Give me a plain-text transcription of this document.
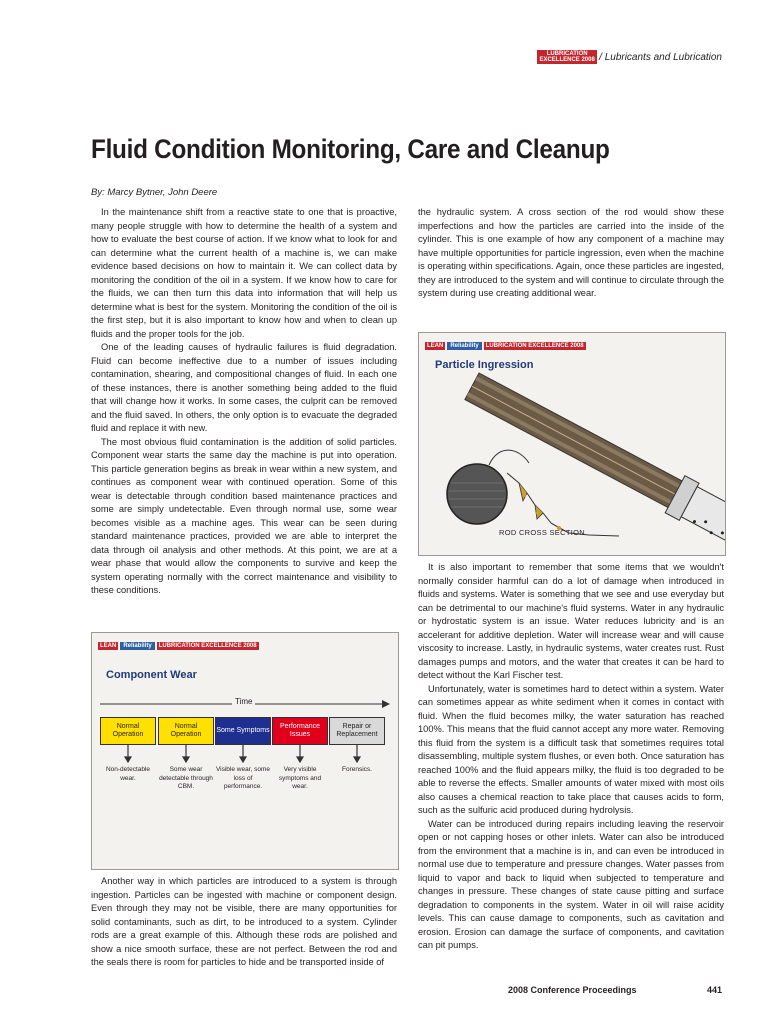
LUBRICATION EXCELLENCE 2008 / Lubricants and Lubrication
Fluid Condition Monitoring, Care and Cleanup
By: Marcy Bytner, John Deere

In the maintenance shift from a reactive state to one that is proactive, many people struggle with how to determine the health of a system and how to evaluate the best course of action. If we know what to look for and can determine what the current health of a machine is, we can make evidence based decisions on how to maintain it. We can collect data by monitoring the condition of the oil in a system. If we know how to care for the fluids, we can then turn this data into information that will help us determine what is best for the system. Monitoring the condition of the oil is the first step, but it is also important to know how and when to clean up fluids and the proper tools for the job.

One of the leading causes of hydraulic failures is fluid degradation. Fluid can become ineffective due to a number of issues including contamination, shearing, and compositional changes of fluid. In each one of these instances, there is another something being added to the fluid that will change how it works. In some cases, the culprit can be removed and the fluid saved. In others, the only option is to evacuate the degraded fluid and replace it with new.

The most obvious fluid contamination is the addition of solid particles. Component wear starts the same day the machine is put into operation. This particle generation begins as break in wear within a new system, and continues as component wear with continued operation. Some of this wear is detectable through condition based maintenance practices and some are simply undetectable. Even through normal use, some wear becomes visible as a machine ages. This wear can be seen during standard maintenance practices, provided we are able to interpret the data through oil analysis and other methods. At this point, we are at a wear phase that would allow the components to survive and keep the system operating normally with the correct maintenance and visibility to these conditions.

LEAN	Reliability	LUBRICATION EXCELLENCE 2008
Component Wear
Time
Normal Operation
Normal Operation
Some Symptoms
Performance Issues
Repair or Replacement
Non-detectable wear.
Some wear detectable through CBM.
Visible wear, some loss of performance.
Very visible symptoms and wear.
Forensics.

Another way in which particles are introduced to a system is through ingestion. Particles can be ingested with machine or component design. Even through they may not be visible, there are many opportunities for solid contaminants, such as dirt, to be introduced to a system. Cylinder rods are a great example of this. Although these rods are polished and show a nice smooth surface, these are not perfect. Between the rod and the seals there is room for particles to hide and be transported inside of

the hydraulic system. A cross section of the rod would show these imperfections and how the particles are carried into the inside of the cylinder. This is one example of how any component of a machine may have multiple opportunities for particle ingression, even when the machine is operating within specifications. Again, once these particles are ingested, they are introduced to the system and will continue to circulate through the system during use creating additional wear.

LEAN	Reliability	LUBRICATION EXCELLENCE 2008
Particle Ingression
ROD CROSS SECTION

It is also important to remember that some items that we wouldn't normally consider harmful can do a lot of damage when introduced in fluids and systems. Water is something that we see and use everyday but can be detrimental to our machine's fluid systems. Water in any hydraulic or hydrostatic system is an issue. Water reduces lubricity and is an accelerant for additive depletion. Water will increase wear and will cause viscosity to increase. Lastly, in hydraulic systems, water creates rust. Rust damages pumps and motors, and the water that creates it can be hard to detect without the Karl Fischer test.

Unfortunately, water is sometimes hard to detect within a system. Water can sometimes appear as white sediment when it comes in contact with fluid. When the fluid becomes milky, the water saturation has reached 100%. This means that the fluid cannot accept any more water. Removing this fluid from the system is a difficult task that sometimes requires total disassembling, multiple system flushes, or even both. Once saturation has reached 100% and the fluid appears milky, the fluid is too degraded to be able to reverse the effects. Smaller amounts of water mixed with most oils also causes a chemical reaction to take place that causes acids to form, such as the sulfuric acid produced during hydrolysis.

Water can be introduced during repairs including leaving the reservoir open or not capping hoses or other inlets. Water can also be introduced from the environment that a machine is in, and can even be introduced in normal use due to temperature and pressure changes. Water passes from liquid to vapor and back to liquid when subjected to temperature and changes in pressure. These changes of state cause pitting and surface degradation to components in the system. Water in oil will raise acidity levels. This can cause damage to components, such as cavitation and erosion. Erosion can damage the surface of components, and cavitation can pit pumps.

2008 Conference Proceedings	441
